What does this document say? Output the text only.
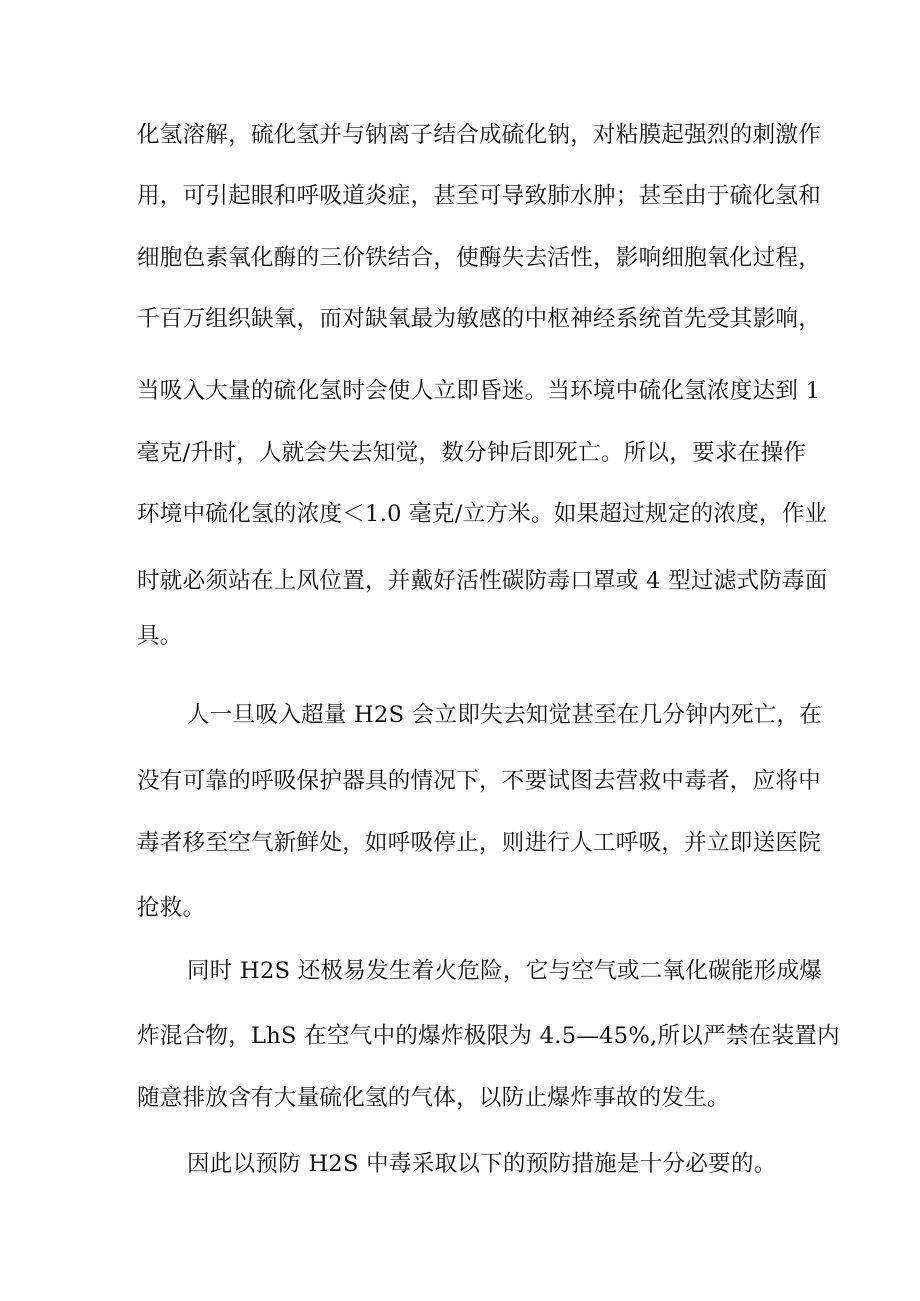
化氢溶解，硫化氢并与钠离子结合成硫化钠，对粘膜起强烈的刺激作
用，可引起眼和呼吸道炎症，甚至可导致肺水肿；甚至由于硫化氢和
细胞色素氧化酶的三价铁结合，使酶失去活性，影响细胞氧化过程，
千百万组织缺氧，而对缺氧最为敏感的中枢神经系统首先受其影响，
当吸入大量的硫化氢时会使人立即昏迷。当环境中硫化氢浓度达到 1
毫克/升时，人就会失去知觉，数分钟后即死亡。所以，要求在操作
环境中硫化氢的浓度＜1.0 毫克/立方米。如果超过规定的浓度，作业
时就必须站在上风位置，并戴好活性碳防毒口罩或 4 型过滤式防毒面
具。
人一旦吸入超量 H2S 会立即失去知觉甚至在几分钟内死亡，在
没有可靠的呼吸保护器具的情况下，不要试图去营救中毒者，应将中
毒者移至空气新鲜处，如呼吸停止，则进行人工呼吸，并立即送医院
抢救。
同时 H2S 还极易发生着火危险，它与空气或二氧化碳能形成爆
炸混合物，LhS 在空气中的爆炸极限为 4.5—45%,所以严禁在装置内
随意排放含有大量硫化氢的气体，以防止爆炸事故的发生。
因此以预防 H2S 中毒采取以下的预防措施是十分必要的。
